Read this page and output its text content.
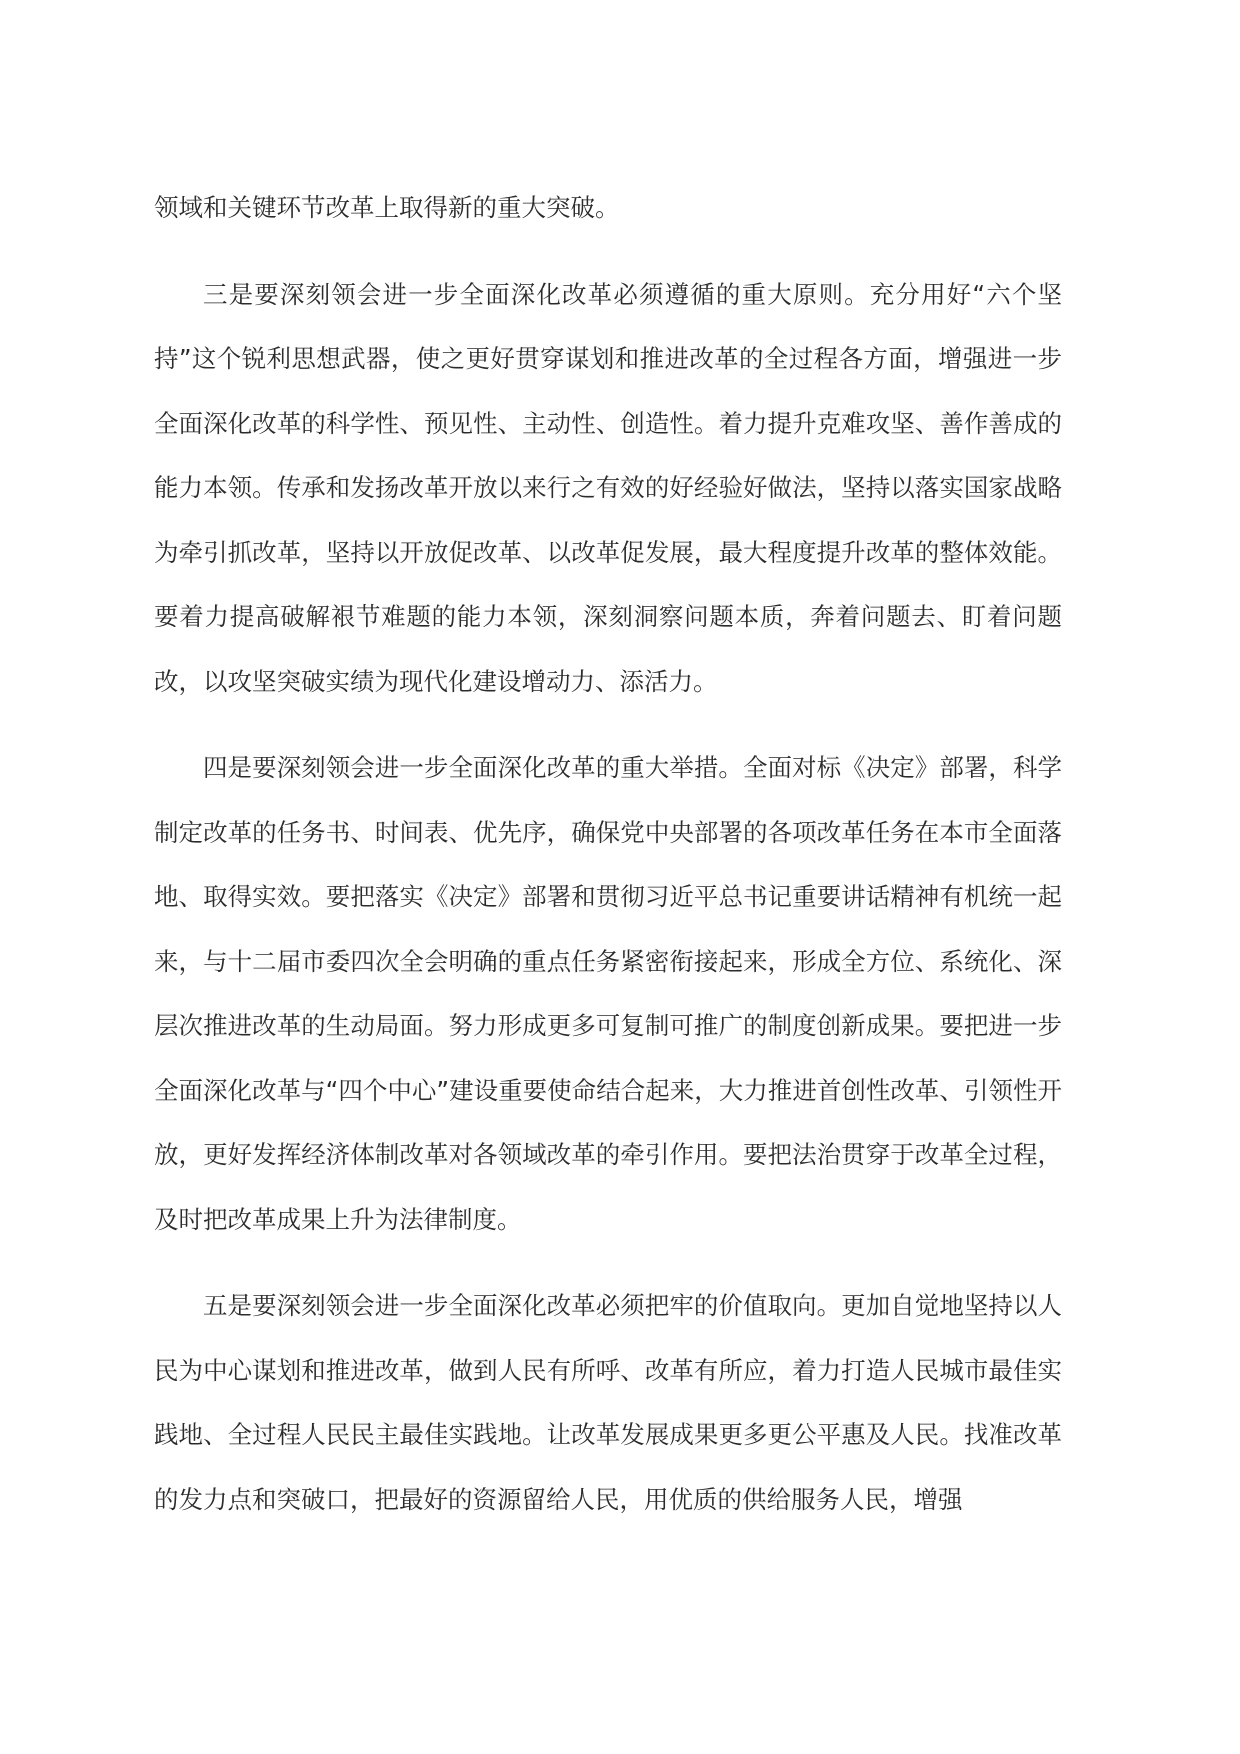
领域和关键环节改革上取得新的重大突破。

三是要深刻领会进一步全面深化改革必须遵循的重大原则。充分用好“六个坚持”这个锐利思想武器，使之更好贯穿谋划和推进改革的全过程各方面，增强进一步全面深化改革的科学性、预见性、主动性、创造性。着力提升克难攻坚、善作善成的能力本领。传承和发扬改革开放以来行之有效的好经验好做法，坚持以落实国家战略为牵引抓改革，坚持以开放促改革、以改革促发展，最大程度提升改革的整体效能。要着力提高破解裉节难题的能力本领，深刻洞察问题本质，奔着问题去、盯着问题改，以攻坚突破实绩为现代化建设增动力、添活力。

四是要深刻领会进一步全面深化改革的重大举措。全面对标《决定》部署，科学制定改革的任务书、时间表、优先序，确保党中央部署的各项改革任务在本市全面落地、取得实效。要把落实《决定》部署和贯彻习近平总书记重要讲话精神有机统一起来，与十二届市委四次全会明确的重点任务紧密衔接起来，形成全方位、系统化、深层次推进改革的生动局面。努力形成更多可复制可推广的制度创新成果。要把进一步全面深化改革与“四个中心”建设重要使命结合起来，大力推进首创性改革、引领性开放，更好发挥经济体制改革对各领域改革的牵引作用。要把法治贯穿于改革全过程，及时把改革成果上升为法律制度。

五是要深刻领会进一步全面深化改革必须把牢的价值取向。更加自觉地坚持以人民为中心谋划和推进改革，做到人民有所呼、改革有所应，着力打造人民城市最佳实践地、全过程人民民主最佳实践地。让改革发展成果更多更公平惠及人民。找准改革的发力点和突破口，把最好的资源留给人民，用优质的供给服务人民，增强
